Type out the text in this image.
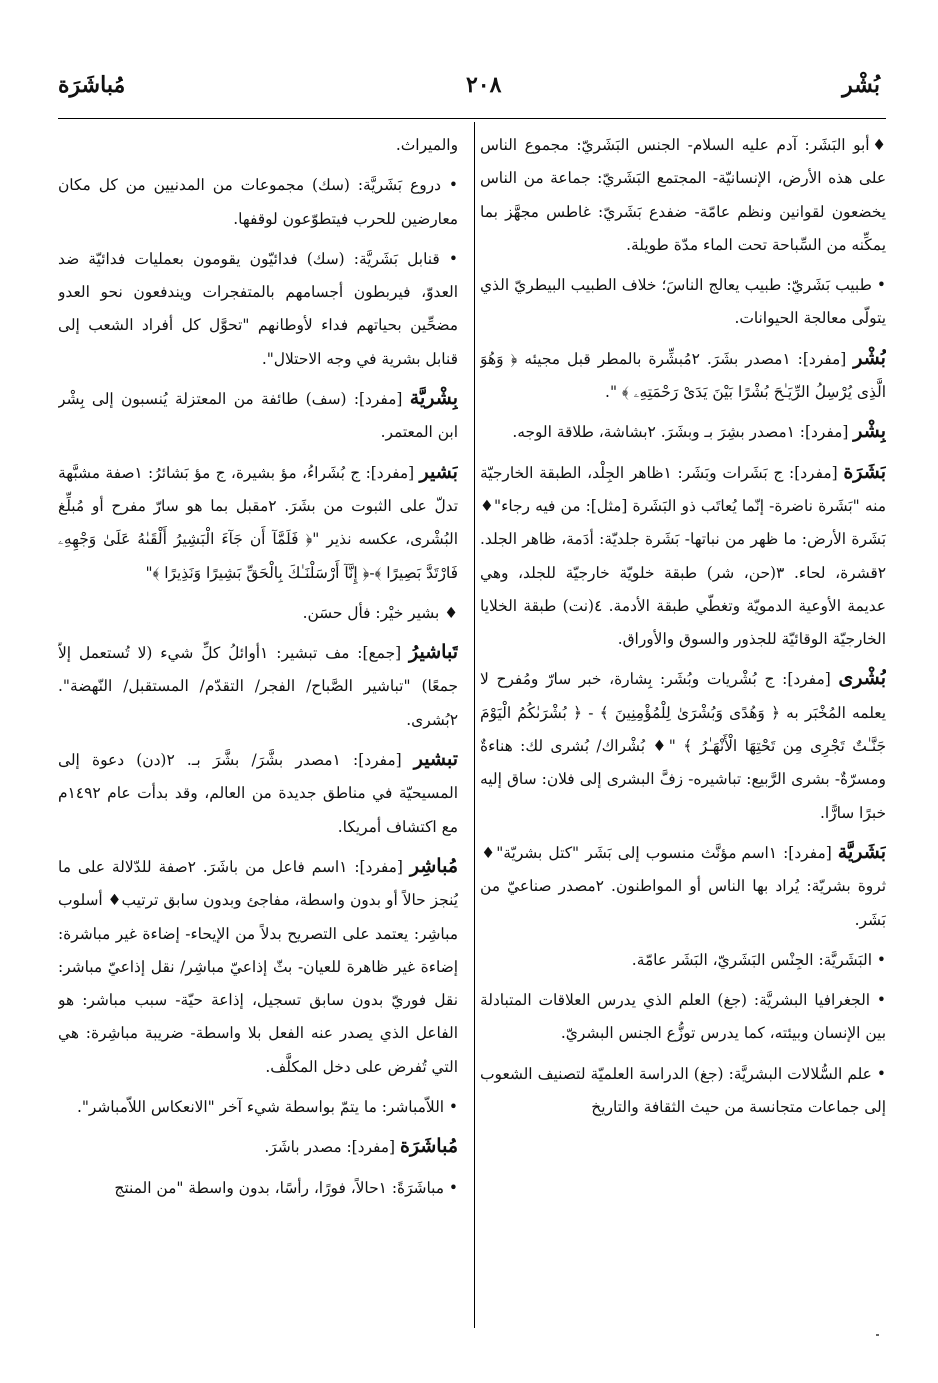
بُشْر
٢٠٨
مُباشَرَة

♦أبو البَشَر: آدم عليه السلام- الجنس البَشَريّ: مجموع الناس على هذه الأرض، الإنسانيّة- المجتمع البَشَريّ: جماعة من الناس يخضعون لقوانين ونظم عامّة- ضفدع بَشَريّ: غاطس مجهَّز بما يمكِّنه من السِّباحة تحت الماء مدّة طويلة.

• طبيب بَشَريّ: طبيب يعالج الناسَ؛ خلاف الطبيب البيطريّ الذي يتولّى معالجة الحيوانات.

بُشْر [مفرد]: ١مصدر بشَرَ. ٢مُبشِّرة بالمطر قبل مجيئه ﴿ وَهُوَ الَّذِى يُرْسِلُ الرِّيَـٰحَ بُشْرًا بَيْنَ يَدَىْ رَحْمَتِهِۦ ﴾ ".

بِشْر [مفرد]: ١مصدر بشِرَ بـ وبشَرَ. ٢بشاشة، طلاقة الوجه.

بَشَرَة [مفرد]: ج بَشَرات وبَشَر: ١ظاهر الجِلْد، الطبقة الخارجيّة منه "بَشَرة ناضرة- إنّما يُعاتَب ذو البَشَرة [مثل]: من فيه رجاء"♦ بَشَرة الأرض: ما ظهر من نباتها- بَشَرة جلديّة: أدَمة، ظاهر الجلد. ٢قشرة، لحاء. ٣(حن، شر) طبقة خلويّة خارجيّة للجلد، وهي عديمة الأوعية الدمويّة وتغطّي طبقة الأدمة. ٤(نت) طبقة الخلايا الخارجيّة الوقائيّة للجذور والسوق والأوراق.

بُشْرى [مفرد]: ج بُشْريات وبُشَر: بِشارة، خبر سارّ ومُفرح لا يعلمه المُخْبَر به ﴿ وَهُدًى وَبُشْرَىٰ لِلْمُؤْمِنِينَ ﴾ - ﴿ بُشْرَىٰكُمُ الْيَوْمَ جَنَّـٰتٌ تَجْرِى مِن تَحْتِهَا الْأَنْهَـٰرُ ﴾ "♦ بُشْراك/ بُشرى لك: هناءةٌ ومسرّةٌ- بشرى الرَّبيع: تباشيره- زفَّ البشرى إلى فلان: ساق إليه خبرًا سارًّا.

بَشَريَّة [مفرد]: ١اسم مؤنَّث منسوب إلى بَشَر "كتل بشريّة"♦ ثروة بشريّة: يُراد بها الناس أو المواطنون. ٢مصدر صناعيّ من بَشَر.

• البَشَريَّة: الجِنْس البَشَريّ، البَشَر عامّة.

• الجغرافيا البشريَّة: (جغ) العلم الذي يدرس العلاقات المتبادلة بين الإنسان وبيئته، كما يدرس توزُّع الجنس البشريّ.

• علم السُّلالات البشريَّة: (جغ) الدراسة العلميّة لتصنيف الشعوب إلى جماعات متجانسة من حيث الثقافة والتاريخ

والميراث.

• دروع بَشَريَّة: (سك) مجموعات من المدنيين من كل مكان معارضين للحرب فيتطوّعون لوقفها.

• قنابل بَشَريَّة: (سك) فدائيّون يقومون بعمليات فدائيّة ضد العدوّ، فيربطون أجسامهم بالمتفجرات ويندفعون نحو العدو مضحِّين بحياتهم فداء لأوطانهم "تحوَّل كل أفراد الشعب إلى قنابل بشرية في وجه الاحتلال".

بِشْريَّة [مفرد]: (سف) طائفة من المعتزلة يُنسبون إلى بِشْر ابن المعتمر.

بَشير [مفرد]: ج بُشَراءُ، مؤ بشيرة، ج مؤ بَشائرُ: ١صفة مشبَّهة تدلّ على الثبوت من بشَرَ. ٢مقبل بما هو سارّ مفرح أو مُبلِّغ البُشْرى، عكسه نذير "﴿ فَلَمَّآ أَن جَآءَ الْبَشِيرُ أَلْقَىٰهُ عَلَىٰ وَجْهِهِۦ فَارْتَدَّ بَصِيرًا ﴾-﴿ إِنَّآ أَرْسَلْنَـٰكَ بِالْحَقِّ بَشِيرًا وَنَذِيرًا ﴾"

♦ بشير خيْر: فأل حسَن.

تَباشيرُ [جمع]: مف تبشير: ١أوائلُ كلِّ شيء (لا تُستعمل إلاّ جمعًا) "تباشير الصَّباح/ الفجر/ التقدّم/ المستقبل/ النّهضة". ٢بُشرى.

تبشير [مفرد]: ١مصدر بشَّرَ/ بشَّرَ بـ. ٢(دن) دعوة إلى المسيحيّة في مناطق جديدة من العالم، وقد بدأت عام ١٤٩٢م مع اكتشاف أمريكا.

مُباشِر [مفرد]: ١اسم فاعل من باشَرَ. ٢صفة للدّلالة على ما يُنجز حالاً أو بدون واسطة، مفاجئ وبدون سابق ترتيب♦ أسلوب مباشِر: يعتمد على التصريح بدلاً من الإيحاء- إضاءة غير مباشرة: إضاءة غير ظاهرة للعيان- بثّ إذاعيّ مباشِر/ نقل إذاعيّ مباشر: نقل فوريّ بدون سابق تسجيل، إذاعة حيّة- سبب مباشر: هو الفاعل الذي يصدر عنه الفعل بلا واسطة- ضريبة مباشِرة: هي التي تُفرض على دخل المكلَّف.

• اللاّمباشر: ما يتمّ بواسطة شيء آخر "الانعكاس اللاّمباشر".

مُباشَرَة [مفرد]: مصدر باشَرَ.

• مباشَرَةً: ١حالاً، فورًا، رأسًا، بدون واسطة "من المنتج
